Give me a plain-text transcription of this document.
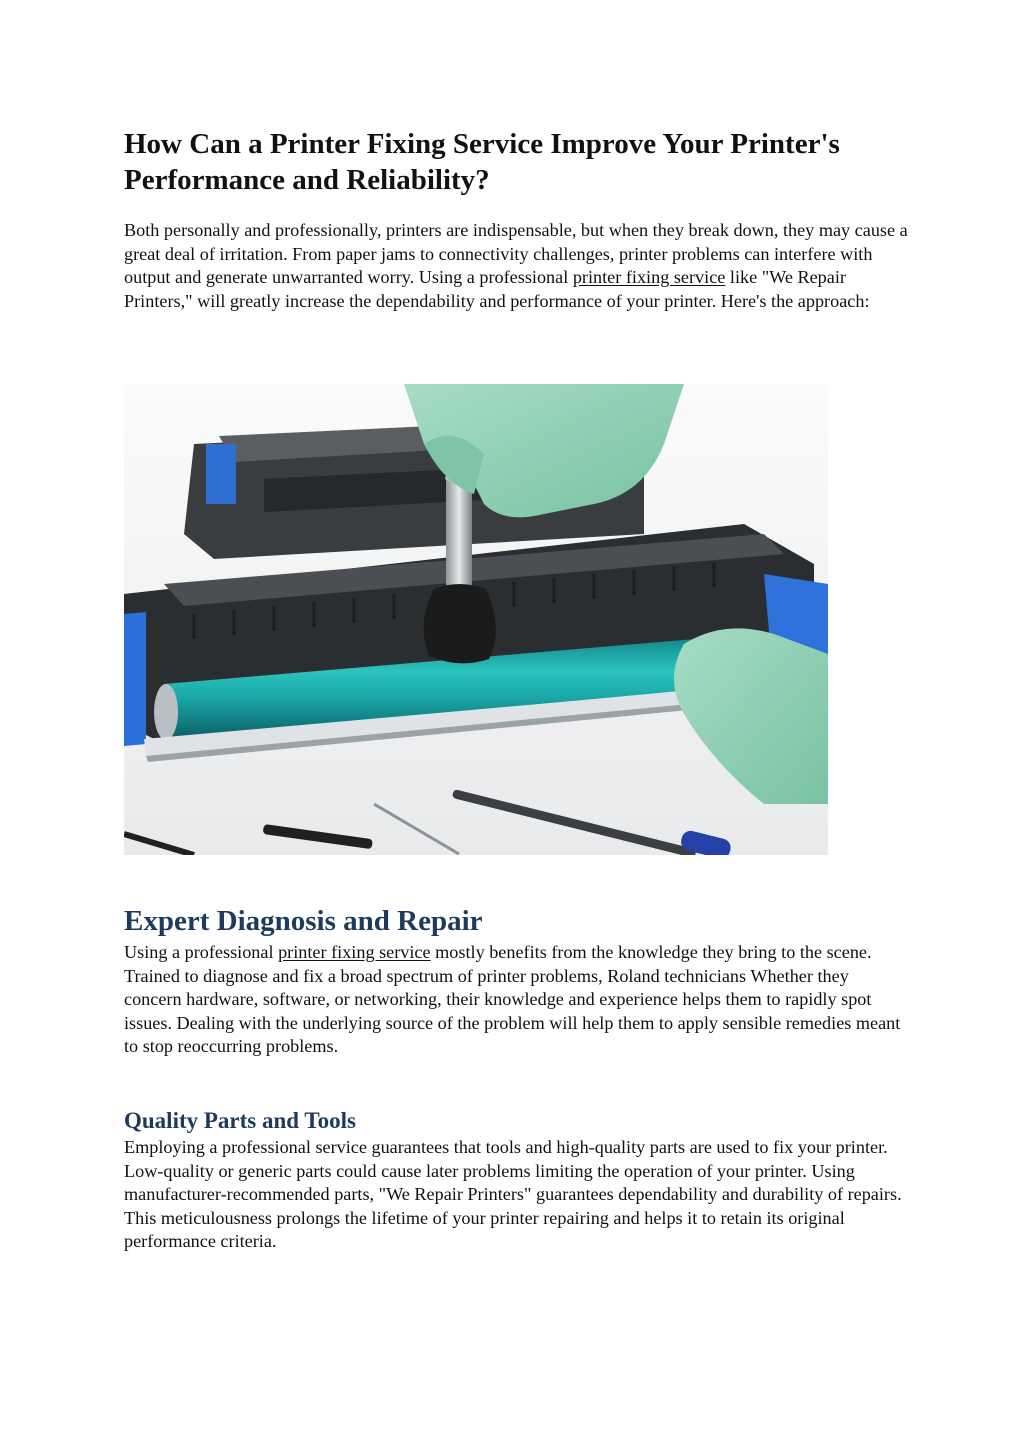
How Can a Printer Fixing Service Improve Your Printer's Performance and Reliability?

Both personally and professionally, printers are indispensable, but when they break down, they may cause a great deal of irritation. From paper jams to connectivity challenges, printer problems can interfere with output and generate unwarranted worry. Using a professional printer fixing service like "We Repair Printers," will greatly increase the dependability and performance of your printer. Here's the approach:

Expert Diagnosis and Repair

Using a professional printer fixing service mostly benefits from the knowledge they bring to the scene. Trained to diagnose and fix a broad spectrum of printer problems, Roland technicians Whether they concern hardware, software, or networking, their knowledge and experience helps them to rapidly spot issues. Dealing with the underlying source of the problem will help them to apply sensible remedies meant to stop reoccurring problems.

Quality Parts and Tools

Employing a professional service guarantees that tools and high-quality parts are used to fix your printer. Low-quality or generic parts could cause later problems limiting the operation of your printer. Using manufacturer-recommended parts, "We Repair Printers" guarantees dependability and durability of repairs. This meticulousness prolongs the lifetime of your printer repairing and helps it to retain its original performance criteria.
